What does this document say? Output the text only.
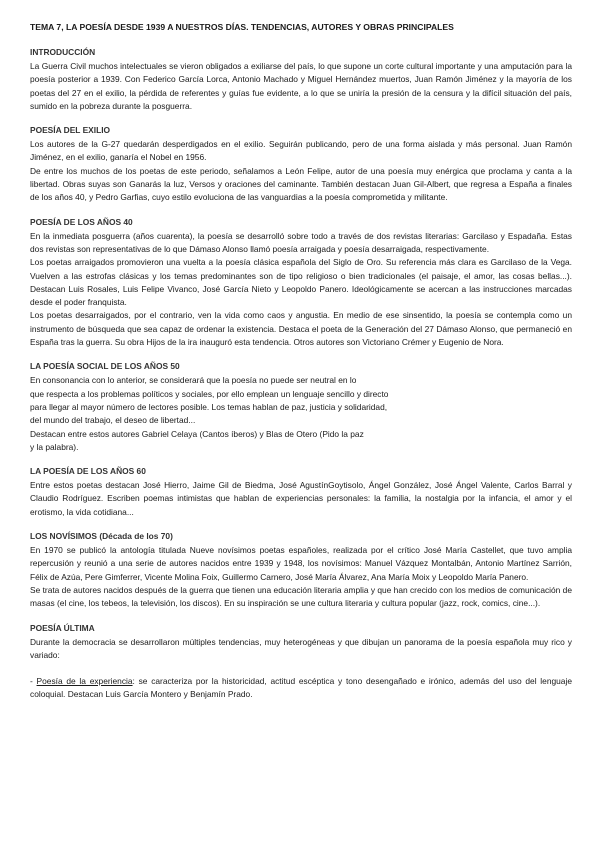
TEMA 7, LA POESÍA DESDE 1939 A NUESTROS DÍAS. TENDENCIAS, AUTORES Y OBRAS PRINCIPALES
INTRODUCCIÓN

La Guerra Civil muchos intelectuales se vieron obligados a exiliarse del país, lo que supone un corte cultural importante y una amputación para la poesía posterior a 1939. Con Federico García Lorca, Antonio Machado y Miguel Hernández muertos, Juan Ramón Jiménez y la mayoría de los poetas del 27 en el exilio, la pérdida de referentes y guías fue evidente, a lo que se uniría la presión de la censura y la difícil situación del país, sumido en la pobreza durante la posguerra.

POESÍA DEL EXILIO

Los autores de la G-27 quedarán desperdigados en el exilio. Seguirán publicando, pero de una forma aislada y más personal. Juan Ramón Jiménez, en el exilio, ganaría el Nobel en 1956.

De entre los muchos de los poetas de este periodo, señalamos a León Felipe, autor de una poesía muy enérgica que proclama y canta a la libertad. Obras suyas son Ganarás la luz, Versos y oraciones del caminante. También destacan Juan Gil-Albert, que regresa a España a finales de los años 40, y Pedro Garfias, cuyo estilo evoluciona de las vanguardias a la poesía comprometida y militante.

POESÍA DE LOS AÑOS 40

En la inmediata posguerra (años cuarenta), la poesía se desarrolló sobre todo a través de dos revistas literarias: Garcilaso y Espadaña. Estas dos revistas son representativas de lo que Dámaso Alonso llamó poesía arraigada y poesía desarraigada, respectivamente.

Los poetas arraigados promovieron una vuelta a la poesía clásica española del Siglo de Oro. Su referencia más clara es Garcilaso de la Vega. Vuelven a las estrofas clásicas y los temas predominantes son de tipo religioso o bien tradicionales (el paisaje, el amor, las cosas bellas...). Destacan Luis Rosales, Luis Felipe Vivanco, José García Nieto y Leopoldo Panero. Ideológicamente se acercan a las instrucciones marcadas desde el poder franquista.

Los poetas desarraigados, por el contrario, ven la vida como caos y angustia. En medio de ese sinsentido, la poesía se contempla como un instrumento de búsqueda que sea capaz de ordenar la existencia. Destaca el poeta de la Generación del 27 Dámaso Alonso, que permaneció en España tras la guerra. Su obra Hijos de la ira inauguró esta tendencia. Otros autores son Victoriano Crémer y Eugenio de Nora.

LA POESÍA SOCIAL DE LOS AÑOS 50

En consonancia con lo anterior, se considerará que la poesía no puede ser neutral en lo

que respecta a los problemas políticos y sociales, por ello emplean un lenguaje sencillo y directo

para llegar al mayor número de lectores posible. Los temas hablan de paz, justicia y solidaridad,

del mundo del trabajo, el deseo de libertad...

Destacan entre estos autores Gabriel Celaya (Cantos íberos) y Blas de Otero (Pido la paz

y la palabra).

LA POESÍA DE LOS AÑOS 60

Entre estos poetas destacan José Hierro, Jaime Gil de Biedma, José AgustínGoytisolo, Ángel González, José Ángel Valente, Carlos Barral y Claudio Rodríguez. Escriben poemas intimistas que hablan de experiencias personales: la familia, la nostalgia por la infancia, el amor y el erotismo, la vida cotidiana...

LOS NOVÍSIMOS (Década de los 70)

En 1970 se publicó la antología titulada Nueve novísimos poetas españoles, realizada por el crítico José María Castellet, que tuvo amplia repercusión y reunió a una serie de autores nacidos entre 1939 y 1948, los novísimos: Manuel Vázquez Montalbán, Antonio Martínez Sarrión, Félix de Azúa, Pere Gimferrer, Vicente Molina Foix, Guillermo Carnero, José María Álvarez, Ana María Moix y Leopoldo María Panero.

Se trata de autores nacidos después de la guerra que tienen una educación literaria amplia y que han crecido con los medios de comunicación de masas (el cine, los tebeos, la televisión, los discos). En su inspiración se une cultura literaria y cultura popular (jazz, rock, comics, cine...).

POESÍA ÚLTIMA

Durante la democracia se desarrollaron múltiples tendencias, muy heterogéneas y que dibujan un panorama de la poesía española muy rico y variado:

- Poesía de la experiencia: se caracteriza por la historicidad, actitud escéptica y tono desengañado e irónico, además del uso del lenguaje coloquial. Destacan Luis García Montero y Benjamín Prado.
